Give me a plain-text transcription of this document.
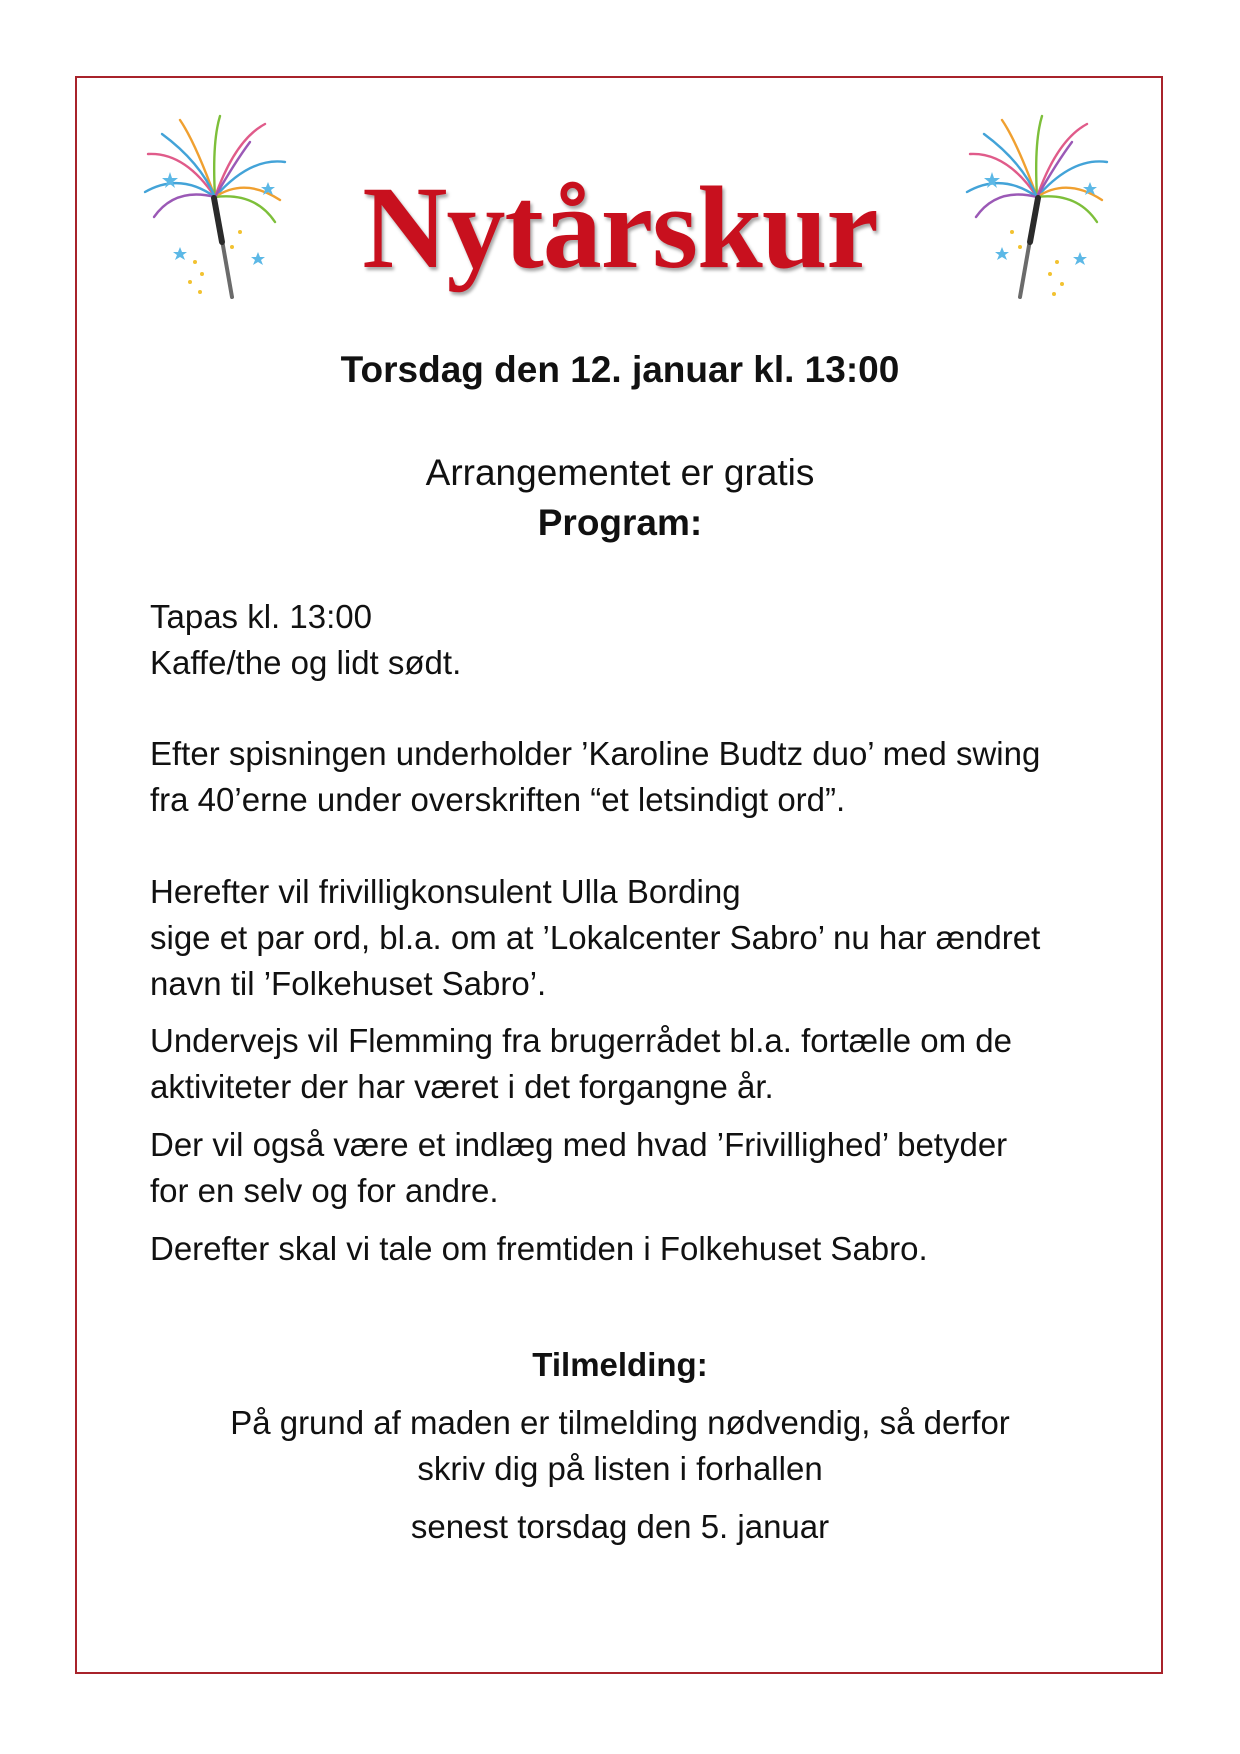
Nytårskur
Torsdag den 12. januar kl. 13:00
Arrangementet er gratis
Program:
Tapas kl. 13:00
Kaffe/the og lidt sødt.
Efter spisningen underholder ’Karoline Budtz duo’ med swing
fra 40’erne under overskriften “et letsindigt ord”.
Herefter vil frivilligkonsulent Ulla Bording
sige et par ord, bl.a. om at ’Lokalcenter Sabro’ nu har ændret
navn til ’Folkehuset Sabro’.
Undervejs vil Flemming fra brugerrådet bl.a. fortælle om de
aktiviteter der har været i det forgangne år.
Der vil også være et indlæg med hvad ’Frivillighed’ betyder
for en selv og for andre.
Derefter skal vi tale om fremtiden i Folkehuset Sabro.
Tilmelding:
På grund af maden er tilmelding nødvendig, så derfor
skriv dig på listen i forhallen
senest torsdag den 5. januar
